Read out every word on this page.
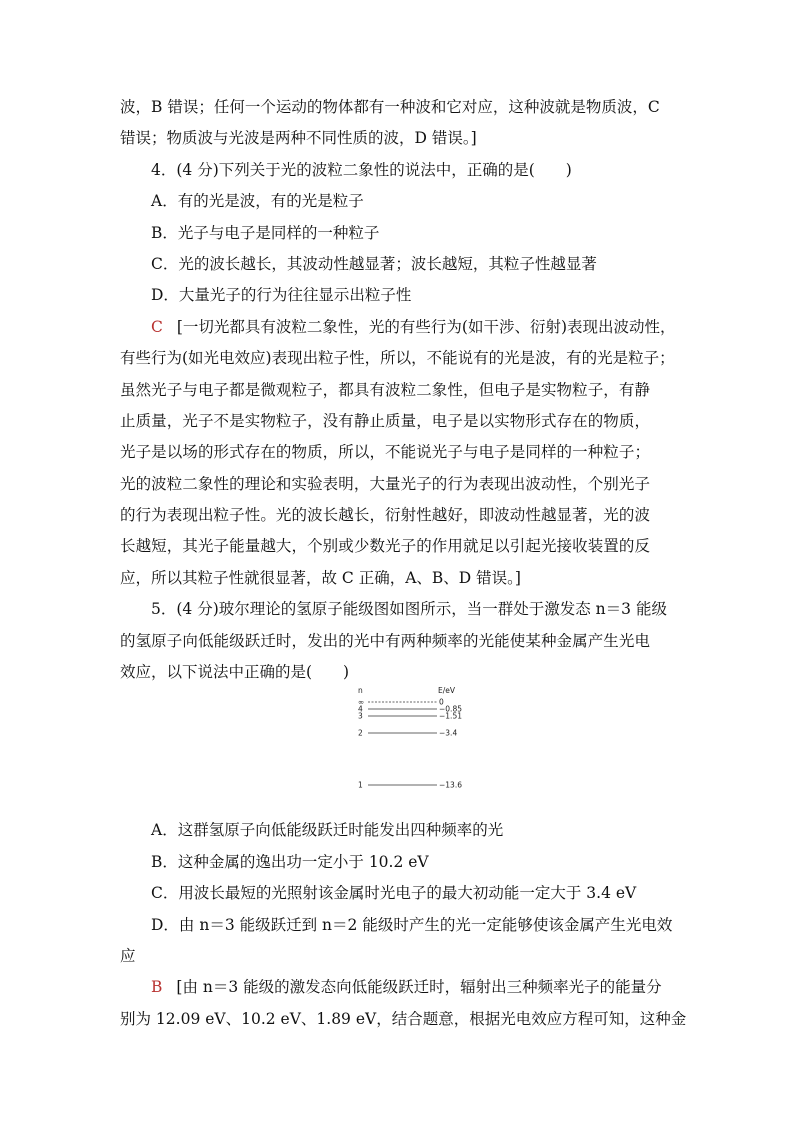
波，B 错误；任何一个运动的物体都有一种波和它对应，这种波就是物质波，C
错误；物质波与光波是两种不同性质的波，D 错误。]
4．(4 分)下列关于光的波粒二象性的说法中，正确的是(　　)
A．有的光是波，有的光是粒子
B．光子与电子是同样的一种粒子
C．光的波长越长，其波动性越显著；波长越短，其粒子性越显著
D．大量光子的行为往往显示出粒子性
C [一切光都具有波粒二象性，光的有些行为(如干涉、衍射)表现出波动性，
有些行为(如光电效应)表现出粒子性，所以，不能说有的光是波，有的光是粒子；
虽然光子与电子都是微观粒子，都具有波粒二象性，但电子是实物粒子，有静
止质量，光子不是实物粒子，没有静止质量，电子是以实物形式存在的物质，
光子是以场的形式存在的物质，所以，不能说光子与电子是同样的一种粒子；
光的波粒二象性的理论和实验表明，大量光子的行为表现出波动性，个别光子
的行为表现出粒子性。光的波长越长，衍射性越好，即波动性越显著，光的波
长越短，其光子能量越大，个别或少数光子的作用就足以引起光接收装置的反
应，所以其粒子性就很显著，故 C 正确，A、B、D 错误。]
5．(4 分)玻尔理论的氢原子能级图如图所示，当一群处于激发态 n＝3 能级
的氢原子向低能级跃迁时，发出的光中有两种频率的光能使某种金属产生光电
效应，以下说法中正确的是(　　)
A．这群氢原子向低能级跃迁时能发出四种频率的光
B．这种金属的逸出功一定小于 10.2 eV
C．用波长最短的光照射该金属时光电子的最大初动能一定大于 3.4 eV
D．由 n＝3 能级跃迁到 n＝2 能级时产生的光一定能够使该金属产生光电效
应
B [由 n＝3 能级的激发态向低能级跃迁时，辐射出三种频率光子的能量分
别为 12.09 eV、10.2 eV、1.89 eV，结合题意，根据光电效应方程可知，这种金
n	E/eV
∞	0
4	−0.85
3	−1.51
2	−3.4
1	−13.6
